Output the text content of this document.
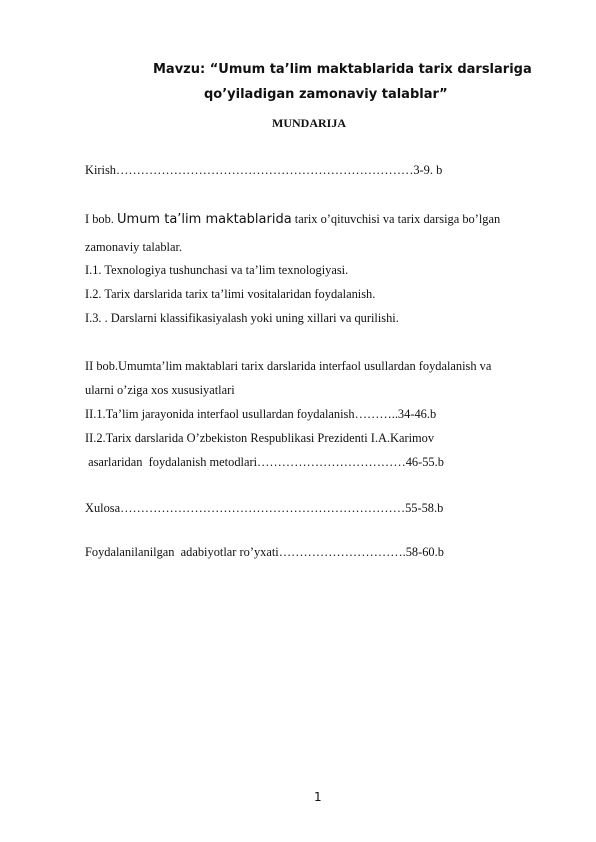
Mavzu: “Umum ta’lim maktablarida tarix darslariga
qo’yiladigan zamonaviy talablar”
MUNDARIJA
Kirish………………………………………………………………3-9. b
I bob. Umum ta’lim maktablarida tarix o’qituvchisi va tarix darsiga bo’lgan
zamonaviy talablar.
I.1. Texnologiya tushunchasi va ta’lim texnologiyasi.
I.2. Tarix darslarida tarix ta’limi vositalaridan foydalanish.
I.3. . Darslarni klassifikasiyalash yoki uning xillari va qurilishi.
II bob.Umumta’lim maktablari tarix darslarida interfaol usullardan foydalanish va
ularni o’ziga xos xususiyatlari
II.1.Ta’lim jarayonida interfaol usullardan foydalanish………..34-46.b
II.2.Tarix darslarida O’zbekiston Respublikasi Prezidenti I.A.Karimov
asarlaridan  foydalanish metodlari………………………………46-55.b
Xulosa……………………………………………………………55-58.b
Foydalanilanilgan  adabiyotlar ro’yxati………………………….58-60.b
1
